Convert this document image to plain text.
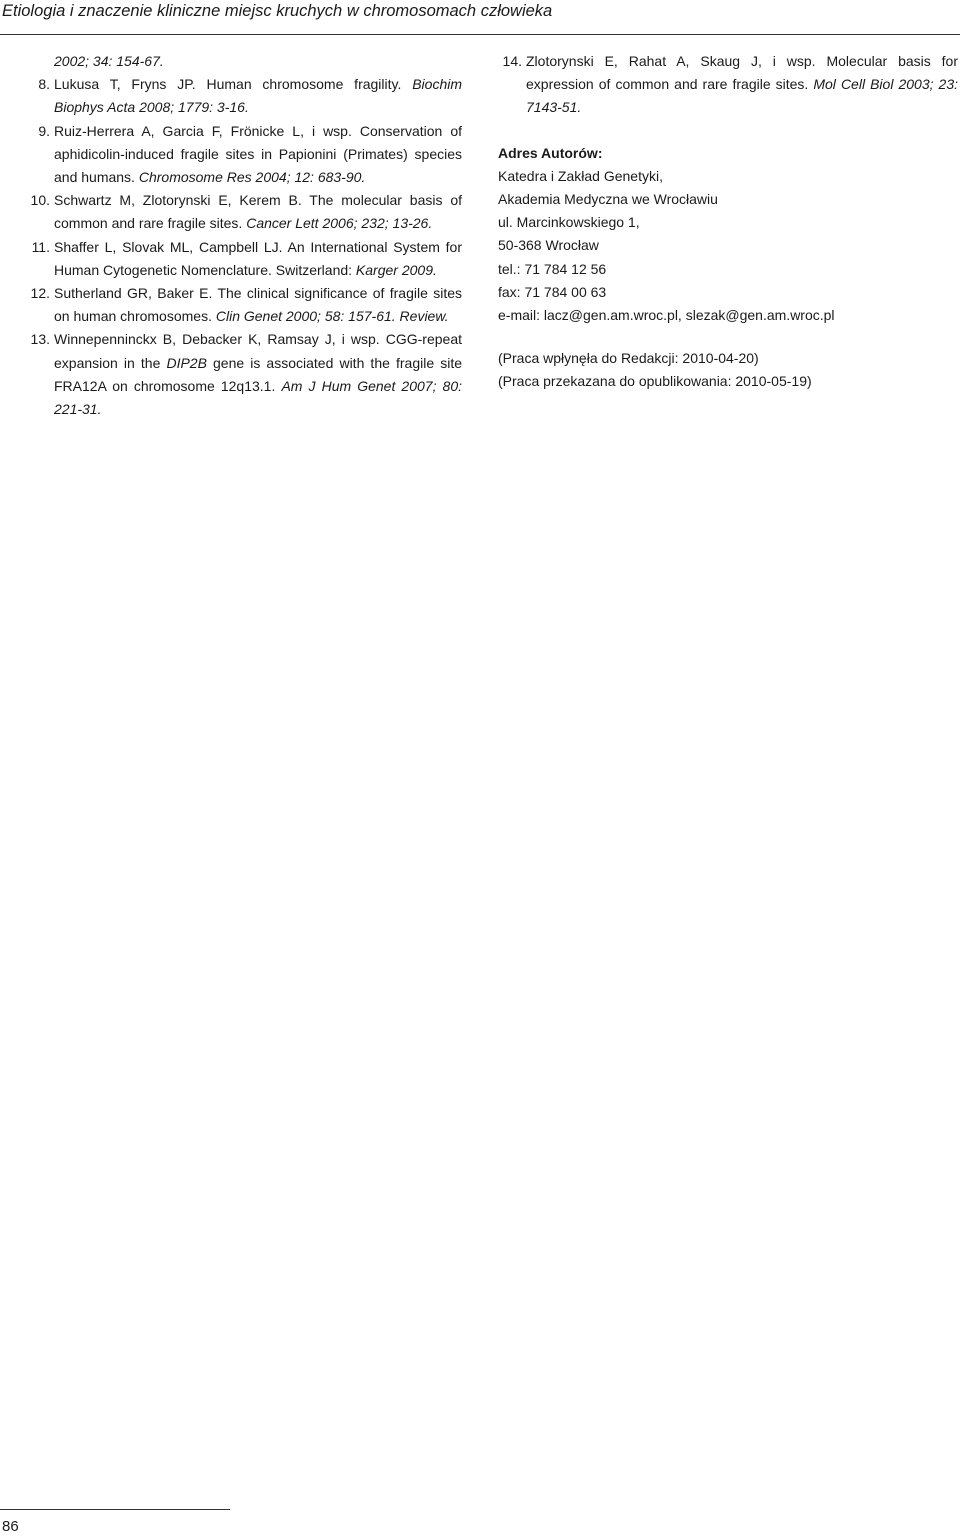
Etiologia i znaczenie kliniczne miejsc kruchych w chromosomach człowieka
2002; 34: 154-67.
8. Lukusa T, Fryns JP. Human chromosome fragility. Biochim Biophys Acta 2008; 1779: 3-16.
9. Ruiz-Herrera A, Garcia F, Frönicke L, i wsp. Conservation of aphidicolin-induced fragile sites in Papionini (Primates) species and humans. Chromosome Res 2004; 12: 683-90.
10. Schwartz M, Zlotorynski E, Kerem B. The molecular basis of common and rare fragile sites. Cancer Lett 2006; 232; 13-26.
11. Shaffer L, Slovak ML, Campbell LJ. An International System for Human Cytogenetic Nomenclature. Switzerland: Karger 2009.
12. Sutherland GR, Baker E. The clinical significance of fragile sites on human chromosomes. Clin Genet 2000; 58: 157-61. Review.
13. Winnepenninckx B, Debacker K, Ramsay J, i wsp. CGG-repeat expansion in the DIP2B gene is associated with the fragile site FRA12A on chromosome 12q13.1. Am J Hum Genet 2007; 80: 221-31.
14. Zlotorynski E, Rahat A, Skaug J, i wsp. Molecular basis for expression of common and rare fragile sites. Mol Cell Biol 2003; 23: 7143-51.
Adres Autorów:
Katedra i Zakład Genetyki,
Akademia Medyczna we Wrocławiu
ul. Marcinkowskiego 1,
50-368 Wrocław
tel.: 71 784 12 56
fax: 71 784 00 63
e-mail: lacz@gen.am.wroc.pl, slezak@gen.am.wroc.pl
(Praca wpłynęła do Redakcji: 2010-04-20)
(Praca przekazana do opublikowania: 2010-05-19)
86
